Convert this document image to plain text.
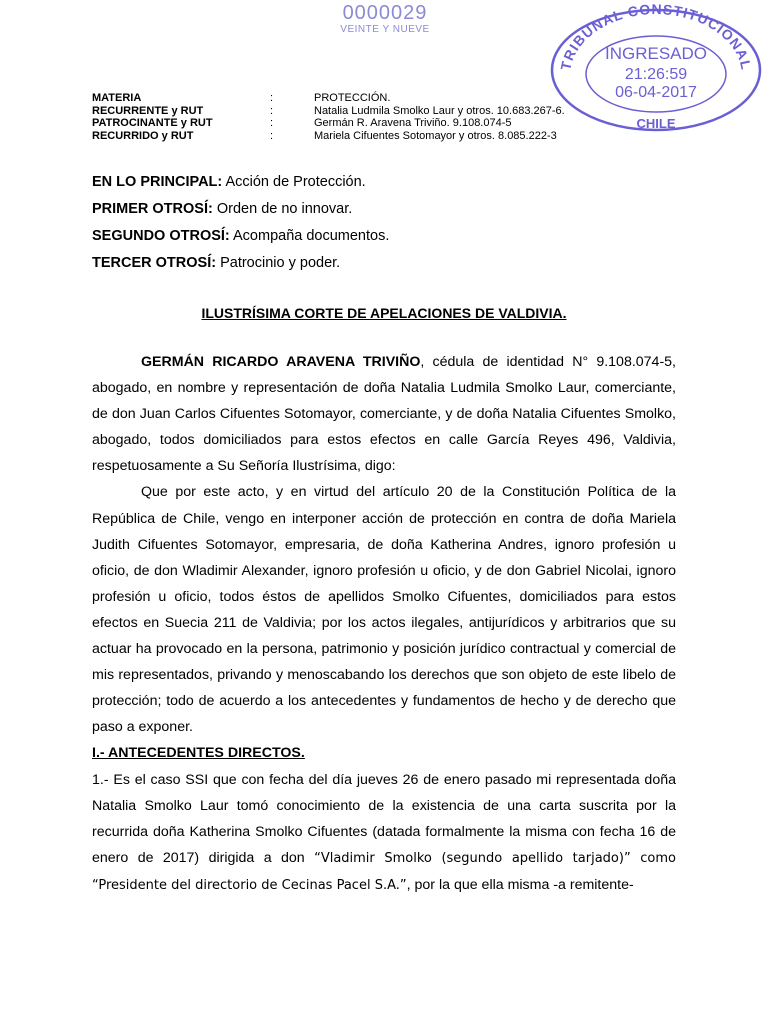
0000029
VEINTE Y NUEVE
TRIBUNAL CONSTITUCIONAL
INGRESADO
21:26:59
06-04-2017
CHILE
MATERIA	:	PROTECCIÓN.
RECURRENTE y RUT	:	Natalia Ludmila Smolko Laur y otros. 10.683.267-6.
PATROCINANTE y RUT	:	Germán R. Aravena Triviño. 9.108.074-5
RECURRIDO y RUT	:	Mariela Cifuentes Sotomayor y otros. 8.085.222-3
EN LO PRINCIPAL: Acción de Protección.
PRIMER OTROSÍ: Orden de no innovar.
SEGUNDO OTROSÍ: Acompaña documentos.
TERCER OTROSÍ: Patrocinio y poder.
ILUSTRÍSIMA CORTE DE APELACIONES DE VALDIVIA.

GERMÁN RICARDO ARAVENA TRIVIÑO, cédula de identidad N° 9.108.074-5, abogado, en nombre y representación de doña Natalia Ludmila Smolko Laur, comerciante, de don Juan Carlos Cifuentes Sotomayor, comerciante, y de doña Natalia Cifuentes Smolko, abogado, todos domiciliados para estos efectos en calle García Reyes 496, Valdivia, respetuosamente a Su Señoría Ilustrísima, digo:

Que por este acto, y en virtud del artículo 20 de la Constitución Política de la República de Chile, vengo en interponer acción de protección en contra de doña Mariela Judith Cifuentes Sotomayor, empresaria, de doña Katherina Andres, ignoro profesión u oficio, de don Wladimir Alexander, ignoro profesión u oficio, y de don Gabriel Nicolai, ignoro profesión u oficio, todos éstos de apellidos Smolko Cifuentes, domiciliados para estos efectos en Suecia 211 de Valdivia; por los actos ilegales, antijurídicos y arbitrarios que su actuar ha provocado en la persona, patrimonio y posición jurídico contractual y comercial de mis representados, privando y menoscabando los derechos que son objeto de este libelo de protección; todo de acuerdo a los antecedentes y fundamentos de hecho y de derecho que paso a exponer.

I.- ANTECEDENTES DIRECTOS.

1.- Es el caso SSI que con fecha del día jueves 26 de enero pasado mi representada doña Natalia Smolko Laur tomó conocimiento de la existencia de una carta suscrita por la recurrida doña Katherina Smolko Cifuentes (datada formalmente la misma con fecha 16 de enero de 2017) dirigida a don “Vladimir Smolko (segundo apellido tarjado)” como “Presidente del directorio de Cecinas Pacel S.A.”, por la que ella misma -a remitente-
